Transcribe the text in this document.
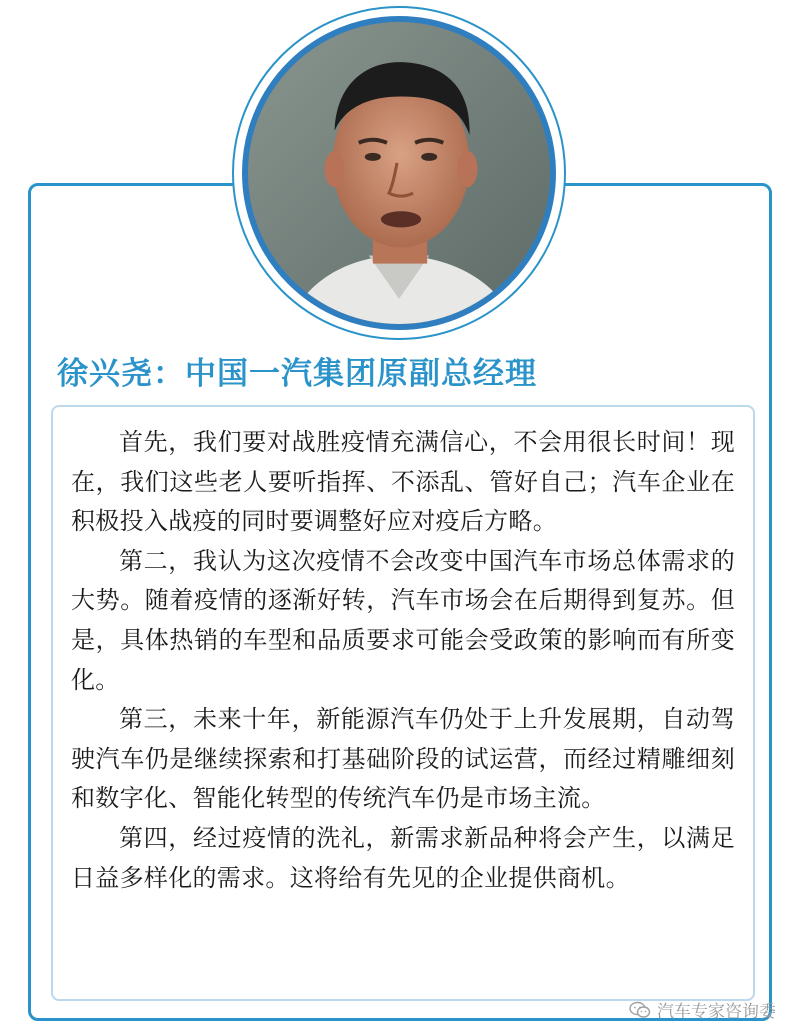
徐兴尧：中国一汽集团原副总经理

首先，我们要对战胜疫情充满信心，不会用很长时间！现在，我们这些老人要听指挥、不添乱、管好自己；汽车企业在积极投入战疫的同时要调整好应对疫后方略。

第二，我认为这次疫情不会改变中国汽车市场总体需求的大势。随着疫情的逐渐好转，汽车市场会在后期得到复苏。但是，具体热销的车型和品质要求可能会受政策的影响而有所变化。

第三，未来十年，新能源汽车仍处于上升发展期，自动驾驶汽车仍是继续探索和打基础阶段的试运营，而经过精雕细刻和数字化、智能化转型的传统汽车仍是市场主流。

第四，经过疫情的洗礼，新需求新品种将会产生，以满足日益多样化的需求。这将给有先见的企业提供商机。

汽车专家咨询委
